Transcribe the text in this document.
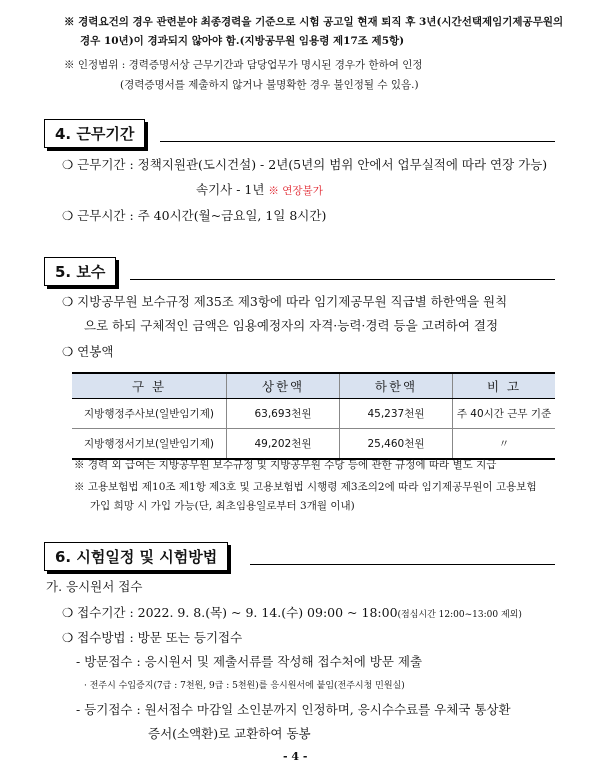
※ 경력요건의 경우 관련분야 최종경력을 기준으로 시험 공고일 현재 퇴직 후 3년(시간선택제임기제공무원의
경우 10년)이 경과되지 않아야 함.(지방공무원 임용령 제17조 제5항)
※ 인정범위 : 경력증명서상 근무기간과 담당업무가 명시된 경우가 한하여 인정
(경력증명서를 제출하지 않거나 불명확한 경우 불인정될 수 있음.)
4. 근무기간
❍ 근무기간 : 정책지원관(도시건설) - 2년(5년의 범위 안에서 업무실적에 따라 연장 가능)
속기사 - 1년 ※ 연장불가
❍ 근무시간 : 주 40시간(월~금요일, 1일 8시간)
5. 보수
❍ 지방공무원 보수규정 제35조 제3항에 따라 임기제공무원 직급별 하한액을 원칙
으로 하되 구체적인 금액은 임용예정자의 자격·능력·경력 등을 고려하여 결정
❍ 연봉액
구 분	상한액	하한액	비 고
지방행정주사보(일반임기제)	63,693천원	45,237천원	주 40시간 근무 기준
지방행정서기보(일반임기제)	49,202천원	25,460천원	〃
※ 경력 외 급여는 지방공무원 보수규정 및 지방공무원 수당 등에 관한 규정에 따라 별도 지급
※ 고용보험법 제10조 제1항 제3호 및 고용보험법 시행령 제3조의2에 따라 임기제공무원이 고용보험
가입 희망 시 가입 가능(단, 최초임용일로부터 3개월 이내)
6. 시험일정 및 시험방법
가. 응시원서 접수
❍ 접수기간 : 2022. 9. 8.(목) ~ 9. 14.(수) 09:00 ~ 18:00(점심시간 12:00~13:00 제외)
❍ 접수방법 : 방문 또는 등기접수
- 방문접수 : 응시원서 및 제출서류를 작성해 접수처에 방문 제출
· 전주시 수입증지(7급 : 7천원, 9급 : 5천원)를 응시원서에 붙임(전주시청 민원실)
- 등기접수 : 원서접수 마감일 소인분까지 인정하며, 응시수수료를 우체국 통상환
증서(소액환)로 교환하여 동봉
- 4 -
